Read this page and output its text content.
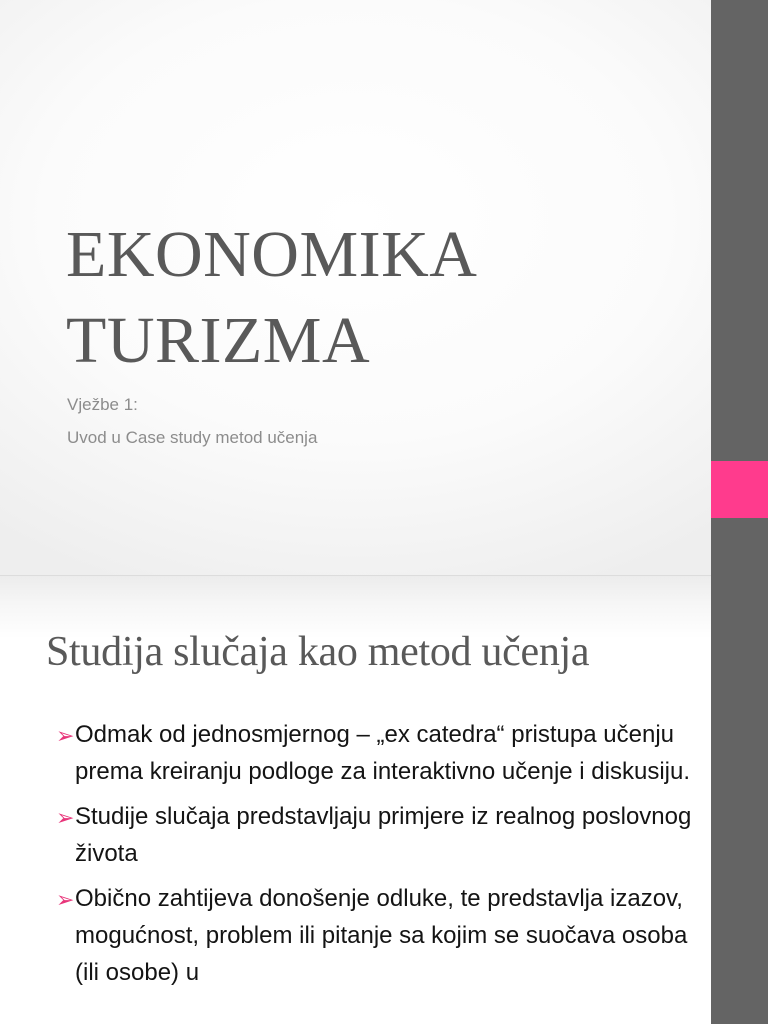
EKONOMIKA
TURIZMA
Vježbe 1:
Uvod u Case study metod učenja
Studija slučaja kao metod učenja
➢ Odmak od jednosmjernog – „ex catedra“ pristupa učenju prema kreiranju podloge za interaktivno učenje i diskusiju.
➢ Studije slučaja predstavljaju primjere iz realnog poslovnog života
➢ Obično zahtijeva donošenje odluke, te predstavlja izazov, mogućnost, problem ili pitanje sa kojim se suočava osoba (ili osobe) u
